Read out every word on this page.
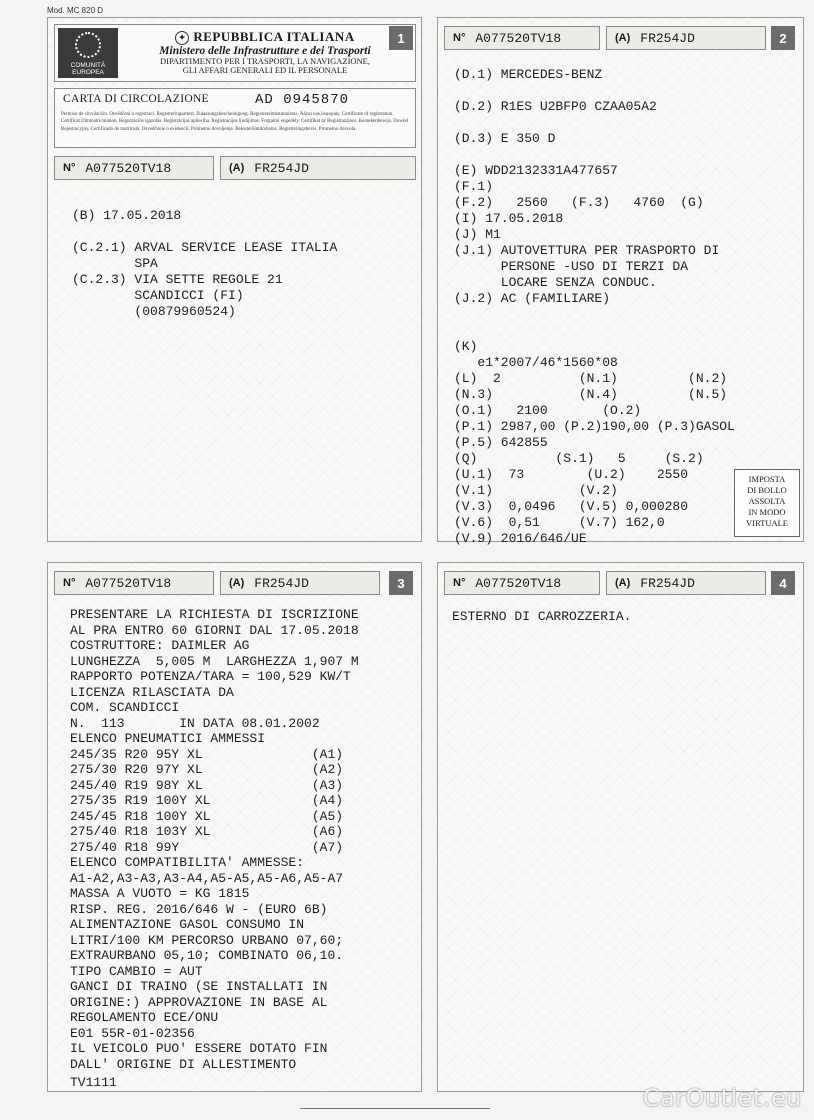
Mod. MC 820 D
COMUNITÀ
EUROPEA
✦ REPUBBLICA ITALIANA
Ministero delle Infrastrutture e dei Trasporti
DIPARTIMENTO PER I TRASPORTI, LA NAVIGAZIONE,
GLI AFFARI GENERALI ED IL PERSONALE
1
CARTA DI CIRCOLAZIONE	AD 0945870
Permiso de circulación. Osvědčení o registraci. Registreringsattest. Zulassungsbescheinigung. Registreerimistunnistus. Άδεια κυκλοφορίας. Certificate of registration. Certificat d'immatriculation. Registrációs igazolás. Reģistrācijas apliecība. Registracijos liudijimas. Forgalmi engedély. Certifikat ta' Registrazzjoni. Kentekenbewijs. Dowód Rejestracyjny. Certificado de matrícula. Osvedčenie o evidencii. Prometno dovoljenje. Rekisteröintitodistus. Registreringsbevis. Prometno dozvola.
N° A077520TV18	(A) FR254JD

(B) 17.05.2018

(C.2.1) ARVAL SERVICE LEASE ITALIA

SPA

(C.2.3) VIA SETTE REGOLE 21

SCANDICCI (FI)

(00879960524)

N° A077520TV18	(A) FR254JD	2

(D.1) MERCEDES-BENZ

(D.2) R1ES U2BFP0 CZAA05A2

(D.3) E 350 D

(E) WDD2132331A477657

(F.1)

(F.2)   2560   (F.3)   4760  (G)

(I) 17.05.2018

(J) M1

(J.1) AUTOVETTURA PER TRASPORTO DI

PERSONE -USO DI TERZI DA

LOCARE SENZA CONDUC.

(J.2) AC (FAMILIARE)

(K)

e1*2007/46*1560*08

(L)  2          (N.1)         (N.2)

(N.3)           (N.4)         (N.5)

(O.1)   2100       (O.2)

(P.1) 2987,00 (P.2)190,00 (P.3)GASOL

(P.5) 642855

(Q)          (S.1)   5     (S.2)

(U.1)  73        (U.2)    2550

(V.1)           (V.2)

(V.3)  0,0496   (V.5) 0,000280

(V.6)  0,51     (V.7) 162,0

(V.9) 2016/646/UE

IMPOSTA
DI BOLLO
ASSOLTA
IN MODO
VIRTUALE
N° A077520TV18	(A) FR254JD	3
PRESENTARE LA RICHIESTA DI ISCRIZIONE
AL PRA ENTRO 60 GIORNI DAL 17.05.2018
COSTRUTTORE: DAIMLER AG
LUNGHEZZA  5,005 M  LARGHEZZA 1,907 M
RAPPORTO POTENZA/TARA = 100,529 KW/T
LICENZA RILASCIATA DA
COM. SCANDICCI
N.  113       IN DATA 08.01.2002
ELENCO PNEUMATICI AMMESSI
245/35 R20 95Y XL              (A1)
275/30 R20 97Y XL              (A2)
245/40 R19 98Y XL              (A3)
275/35 R19 100Y XL             (A4)
245/45 R18 100Y XL             (A5)
275/40 R18 103Y XL             (A6)
275/40 R18 99Y                 (A7)
ELENCO COMPATIBILITA' AMMESSE:
A1-A2,A3-A3,A3-A4,A5-A5,A5-A6,A5-A7
MASSA A VUOTO = KG 1815
RISP. REG. 2016/646 W - (EURO 6B)
ALIMENTAZIONE GASOL CONSUMO IN
LITRI/100 KM PERCORSO URBANO 07,60;
EXTRAURBANO 05,10; COMBINATO 06,10.
TIPO CAMBIO = AUT
GANCI DI TRAINO (SE INSTALLATI IN
ORIGINE:) APPROVAZIONE IN BASE AL
REGOLAMENTO ECE/ONU
E01 55R-01-02356
IL VEICOLO PUO' ESSERE DOTATO FIN
DALL' ORIGINE DI ALLESTIMENTO
TV1111
N° A077520TV18	(A) FR254JD	4
ESTERNO DI CARROZZERIA.
CarOutlet.eu
